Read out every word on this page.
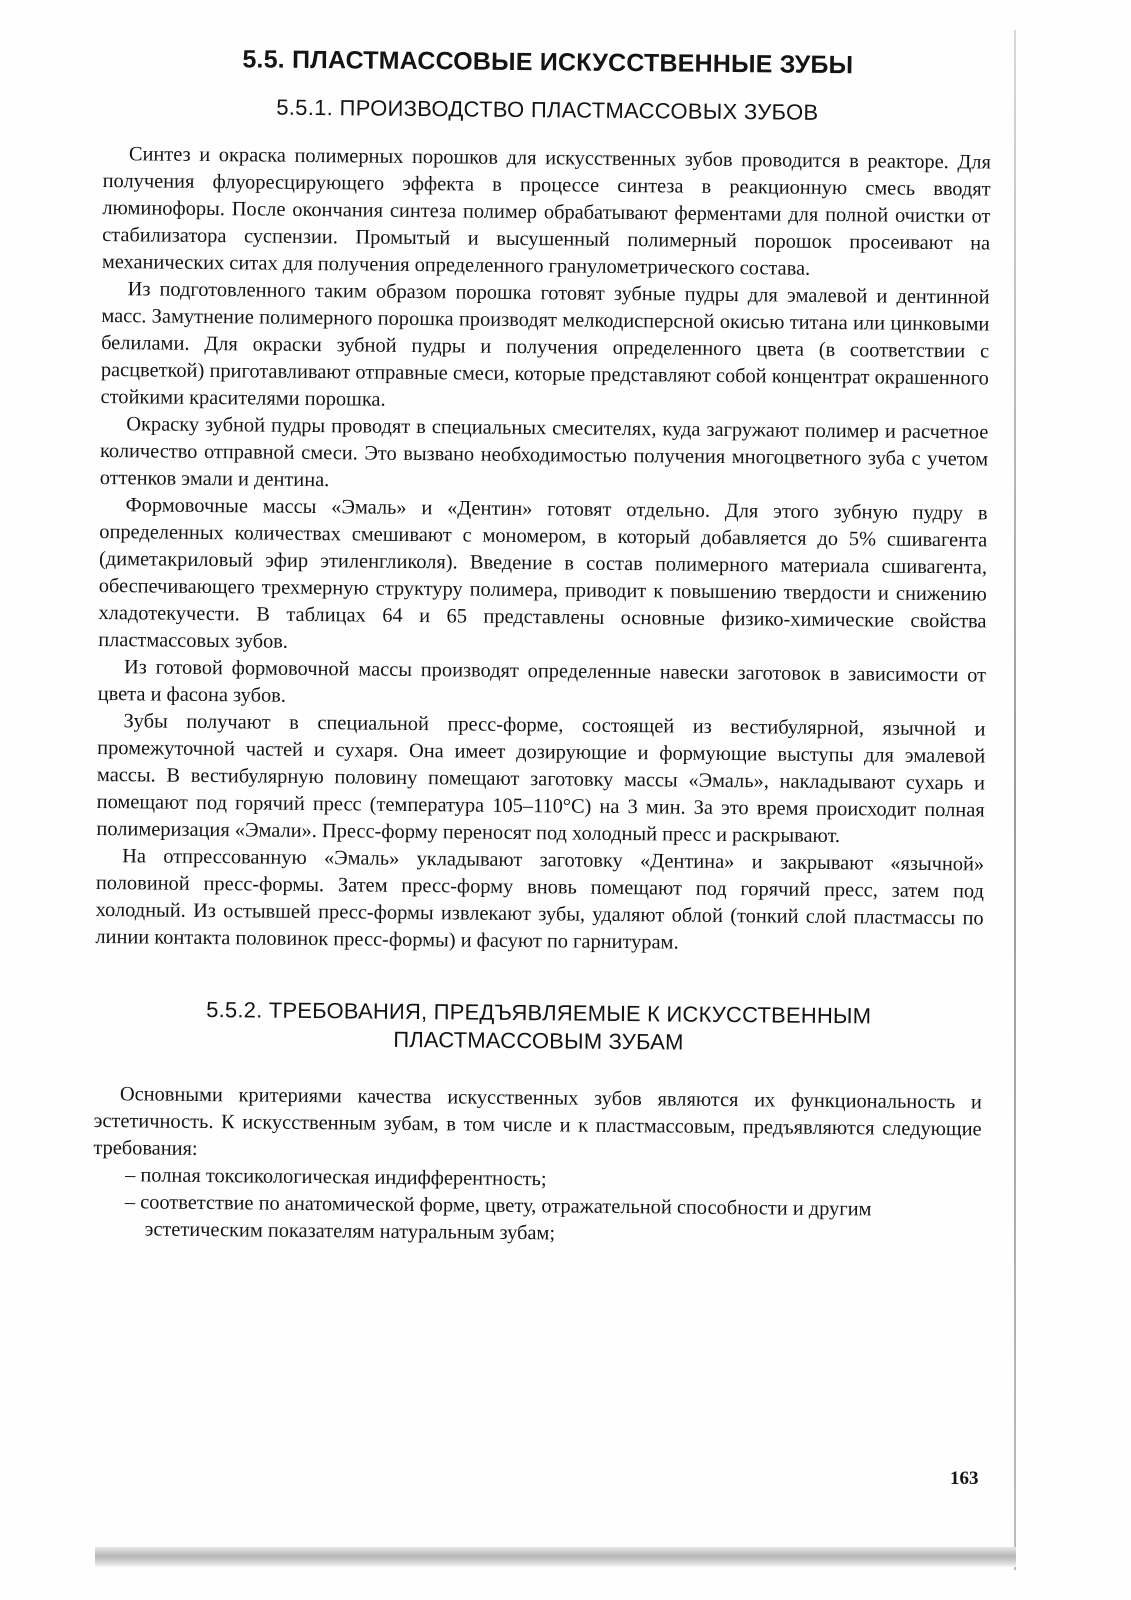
5.5. ПЛАСТМАССОВЫЕ ИСКУССТВЕННЫЕ ЗУБЫ
5.5.1. ПРОИЗВОДСТВО ПЛАСТМАССОВЫХ ЗУБОВ

Синтез и окраска полимерных порошков для искусственных зубов проводится в реакторе. Для получения флуоресцирующего эффекта в процессе синтеза в реакционную смесь вводят люминофоры. После окончания синтеза полимер обрабатывают ферментами для полной очистки от стабилизатора суспензии. Промытый и высушенный полимерный порошок просеивают на механических ситах для получения определенного гранулометрического состава.

Из подготовленного таким образом порошка готовят зубные пудры для эмалевой и дентинной масс. Замутнение полимерного порошка производят мелкодисперсной окисью титана или цинковыми белилами. Для окраски зубной пудры и получения определенного цвета (в соответствии с расцветкой) приготавливают отправные смеси, которые представляют собой концентрат окрашенного стойкими красителями порошка.

Окраску зубной пудры проводят в специальных смесителях, куда загружают полимер и расчетное количество отправной смеси. Это вызвано необходимостью получения многоцветного зуба с учетом оттенков эмали и дентина.

Формовочные массы «Эмаль» и «Дентин» готовят отдельно. Для этого зубную пудру в определенных количествах смешивают с мономером, в который добавляется до 5% сшивагента (диметакриловый эфир этиленгликоля). Введение в состав полимерного материала сшивагента, обеспечивающего трехмерную структуру полимера, приводит к повышению твердости и снижению хладотекучести. В таблицах 64 и 65 представлены основные физико-химические свойства пластмассовых зубов.

Из готовой формовочной массы производят определенные навески заготовок в зависимости от цвета и фасона зубов.

Зубы получают в специальной пресс-форме, состоящей из вестибулярной, язычной и промежуточной частей и сухаря. Она имеет дозирующие и формующие выступы для эмалевой массы. В вестибулярную половину помещают заготовку массы «Эмаль», накладывают сухарь и помещают под горячий пресс (температура 105–110°С) на 3 мин. За это время происходит полная полимеризация «Эмали». Пресс-форму переносят под холодный пресс и раскрывают.

На отпрессованную «Эмаль» укладывают заготовку «Дентина» и закрывают «язычной» половиной пресс-формы. Затем пресс-форму вновь помещают под горячий пресс, затем под холодный. Из остывшей пресс-формы извлекают зубы, удаляют облой (тонкий слой пластмассы по линии контакта половинок пресс-формы) и фасуют по гарнитурам.

5.5.2. ТРЕБОВАНИЯ, ПРЕДЪЯВЛЯЕМЫЕ К ИСКУССТВЕННЫМ
ПЛАСТМАССОВЫМ ЗУБАМ

Основными критериями качества искусственных зубов являются их функциональность и эстетичность. К искусственным зубам, в том числе и к пластмассовым, предъявляются следующие требования:

– полная токсикологическая индифферентность;
– соответствие по анатомической форме, цвету, отражательной способности и другим эстетическим показателям натуральным зубам;
163
